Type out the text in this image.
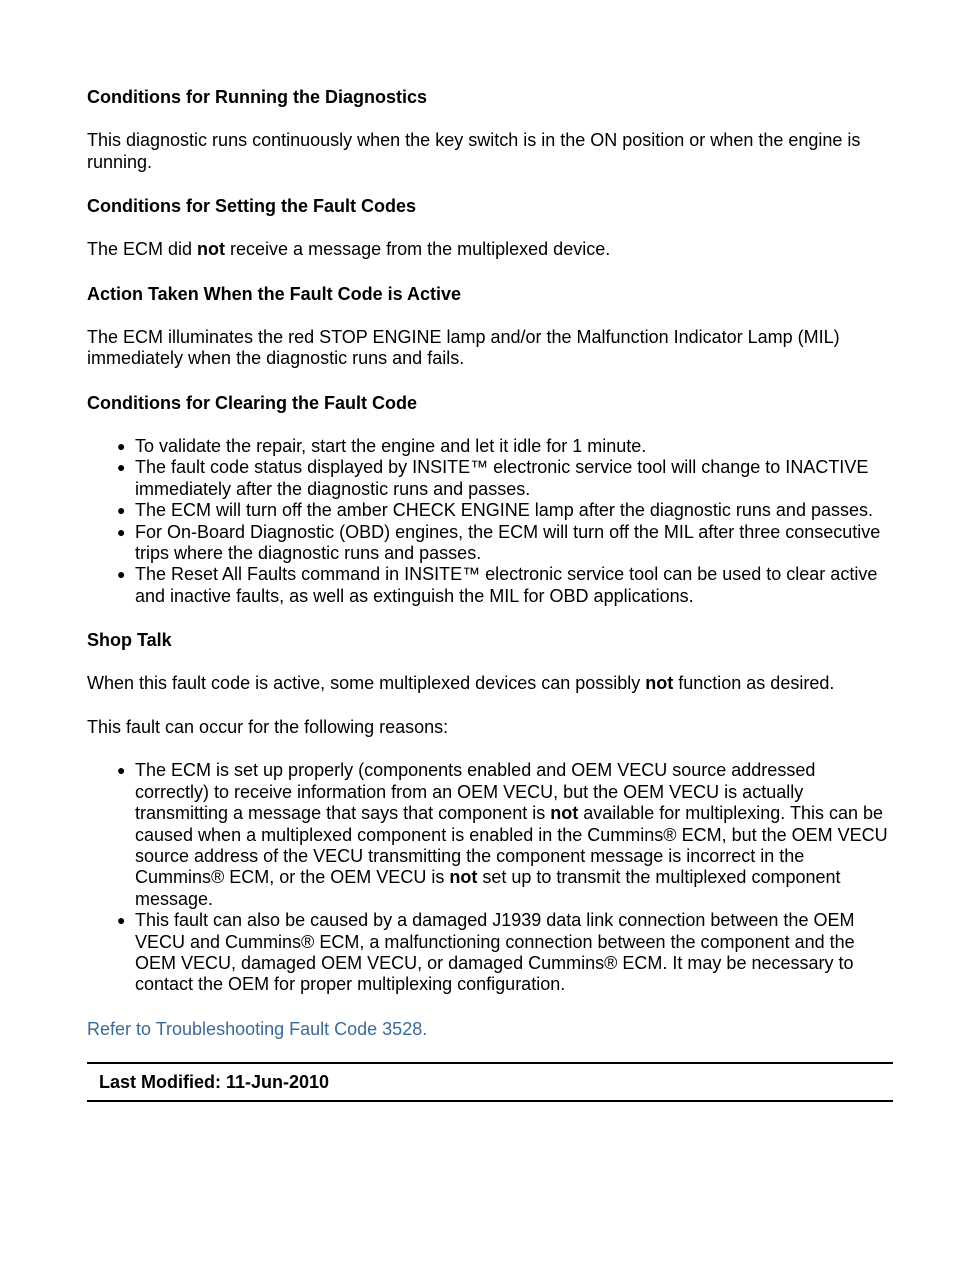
Conditions for Running the Diagnostics
This diagnostic runs continuously when the key switch is in the ON position or when the engine is running.
Conditions for Setting the Fault Codes
The ECM did not receive a message from the multiplexed device.
Action Taken When the Fault Code is Active
The ECM illuminates the red STOP ENGINE lamp and/or the Malfunction Indicator Lamp (MIL) immediately when the diagnostic runs and fails.
Conditions for Clearing the Fault Code
● To validate the repair, start the engine and let it idle for 1 minute.
● The fault code status displayed by INSITE™ electronic service tool will change to INACTIVE immediately after the diagnostic runs and passes.
● The ECM will turn off the amber CHECK ENGINE lamp after the diagnostic runs and passes.
● For On-Board Diagnostic (OBD) engines, the ECM will turn off the MIL after three consecutive trips where the diagnostic runs and passes.
● The Reset All Faults command in INSITE™ electronic service tool can be used to clear active and inactive faults, as well as extinguish the MIL for OBD applications.
Shop Talk
When this fault code is active, some multiplexed devices can possibly not function as desired.
This fault can occur for the following reasons:
● The ECM is set up properly (components enabled and OEM VECU source addressed correctly) to receive information from an OEM VECU, but the OEM VECU is actually transmitting a message that says that component is not available for multiplexing. This can be caused when a multiplexed component is enabled in the Cummins® ECM, but the OEM VECU source address of the VECU transmitting the component message is incorrect in the Cummins® ECM, or the OEM VECU is not set up to transmit the multiplexed component message.
● This fault can also be caused by a damaged J1939 data link connection between the OEM VECU and Cummins® ECM, a malfunctioning connection between the component and the OEM VECU, damaged OEM VECU, or damaged Cummins® ECM. It may be necessary to contact the OEM for proper multiplexing configuration.
Refer to Troubleshooting Fault Code 3528.
Last Modified: 11-Jun-2010
